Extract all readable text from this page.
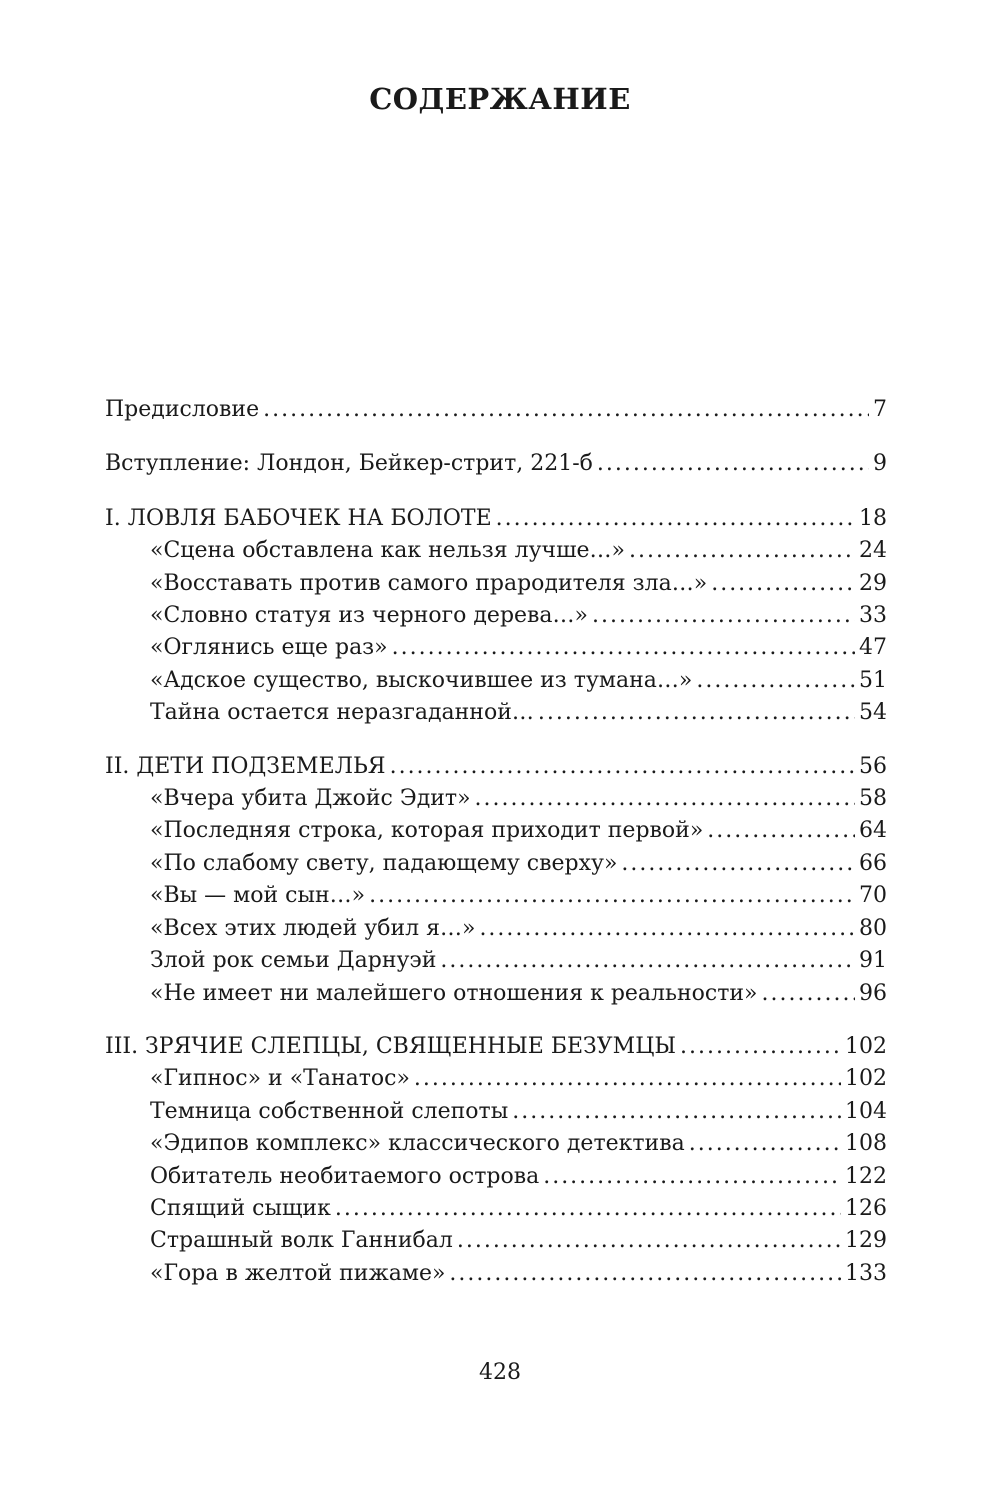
СОДЕРЖАНИЕ
Предисловие .....	7
Вступление: Лондон, Бейкер-стрит, 221-б .....	9
I. ЛОВЛЯ БАБОЧЕК НА БОЛОТЕ .....	18
«Сцена обставлена как нельзя лучше…» .....	24
«Восставать против самого прародителя зла…» .....	29
«Словно статуя из черного дерева…» .....	33
«Оглянись еще раз» .....	47
«Адское существо, выскочившее из тумана…» .....	51
Тайна остается неразгаданной… .....	54
II. ДЕТИ ПОДЗЕМЕЛЬЯ .....	56
«Вчера убита Джойс Эдит» .....	58
«Последняя строка, которая приходит первой» .....	64
«По слабому свету, падающему сверху» .....	66
«Вы — мой сын…» .....	70
«Всех этих людей убил я…» .....	80
Злой рок семьи Дарнуэй .....	91
«Не имеет ни малейшего отношения к реальности» .....	96
III. ЗРЯЧИЕ СЛЕПЦЫ, СВЯЩЕННЫЕ БЕЗУМЦЫ .....	102
«Гипнос» и «Танатос» .....	102
Темница собственной слепоты .....	104
«Эдипов комплекс» классического детектива .....	108
Обитатель необитаемого острова .....	122
Спящий сыщик .....	126
Страшный волк Ганнибал .....	129
«Гора в желтой пижаме» .....	133
428
